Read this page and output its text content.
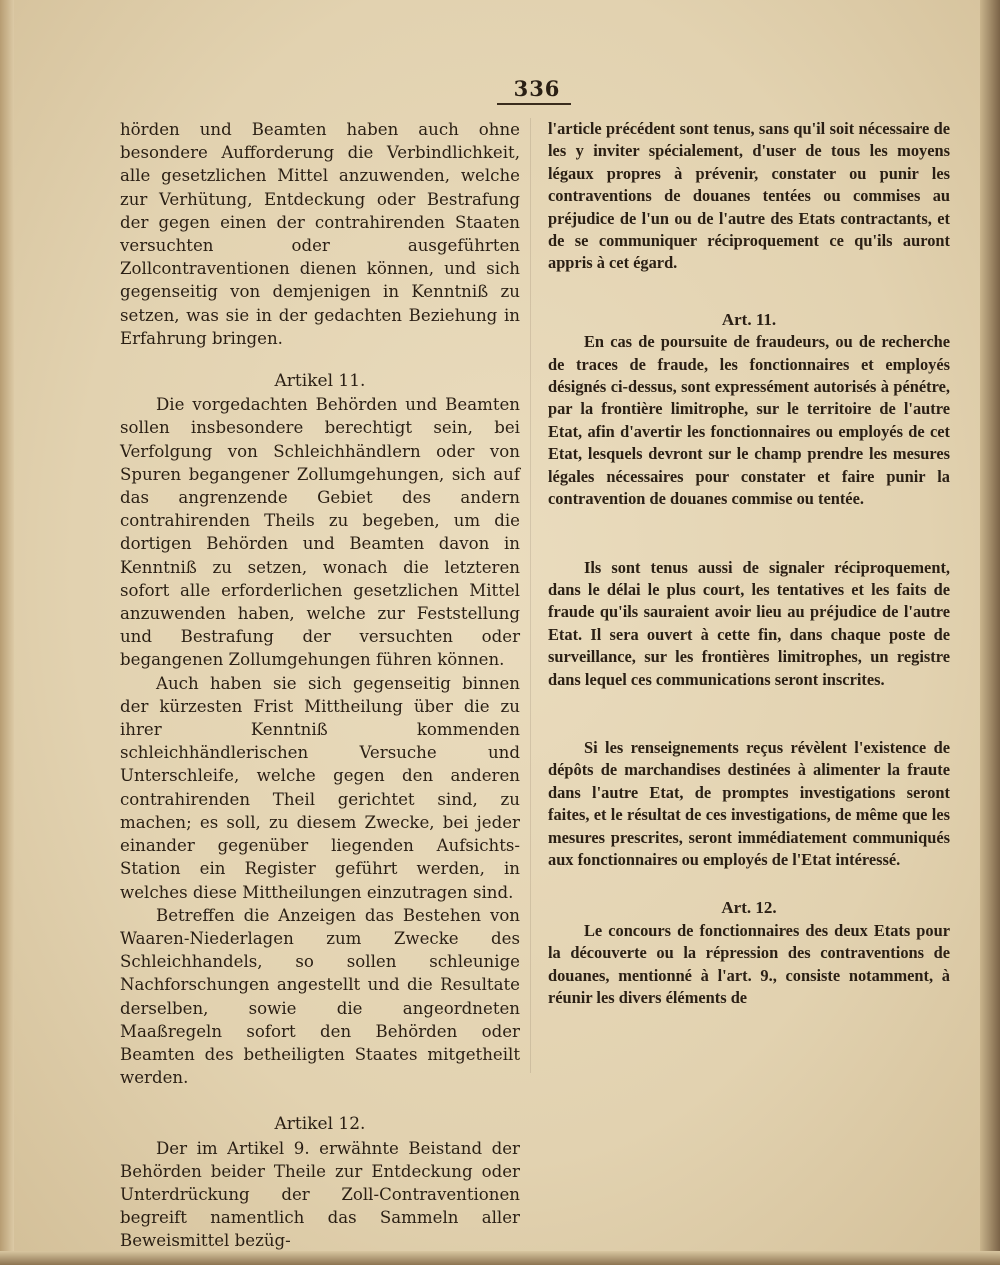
336

hörden und Beamten haben auch ohne besondere Aufforderung die Verbindlichkeit, alle gesetzlichen Mittel anzuwenden, welche zur Verhütung, Entdeckung oder Bestrafung der gegen einen der contrahirenden Staaten versuchten oder ausgeführten Zollcontraventionen dienen können, und sich gegenseitig von demjenigen in Kenntniß zu setzen, was sie in der gedachten Beziehung in Erfahrung bringen.

Artikel 11.

Die vorgedachten Behörden und Beamten sollen insbesondere berechtigt sein, bei Verfolgung von Schleichhändlern oder von Spuren begangener Zollumgehungen, sich auf das angrenzende Gebiet des andern contrahirenden Theils zu begeben, um die dortigen Behörden und Beamten davon in Kenntniß zu setzen, wonach die letzteren sofort alle erforderlichen gesetzlichen Mittel anzuwenden haben, welche zur Feststellung und Bestrafung der versuchten oder begangenen Zollumgehungen führen können.

Auch haben sie sich gegenseitig binnen der kürzesten Frist Mittheilung über die zu ihrer Kenntniß kommenden schleichhändlerischen Versuche und Unterschleife, welche gegen den anderen contrahirenden Theil gerichtet sind, zu machen; es soll, zu diesem Zwecke, bei jeder einander gegenüber liegenden Aufsichts-Station ein Register geführt werden, in welches diese Mittheilungen einzutragen sind.

Betreffen die Anzeigen das Bestehen von Waaren-Niederlagen zum Zwecke des Schleichhandels, so sollen schleunige Nachforschungen angestellt und die Resultate derselben, sowie die angeordneten Maaßregeln sofort den Behörden oder Beamten des betheiligten Staates mitgetheilt werden.

Artikel 12.

Der im Artikel 9. erwähnte Beistand der Behörden beider Theile zur Entdeckung oder Unterdrückung der Zoll-Contraventionen begreift namentlich das Sammeln aller Beweismittel bezüg-

l'article précédent sont tenus, sans qu'il soit nécessaire de les y inviter spécialement, d'user de tous les moyens légaux propres à prévenir, constater ou punir les contraventions de douanes tentées ou commises au préjudice de l'un ou de l'autre des Etats contractants, et de se communiquer réciproquement ce qu'ils auront appris à cet égard.

Art. 11.

En cas de poursuite de fraudeurs, ou de recherche de traces de fraude, les fonctionnaires et employés désignés ci-dessus, sont expressément autorisés à pénétre, par la frontière limitrophe, sur le territoire de l'autre Etat, afin d'avertir les fonctionnaires ou employés de cet Etat, lesquels devront sur le champ prendre les mesures légales nécessaires pour constater et faire punir la contravention de douanes commise ou tentée.

Ils sont tenus aussi de signaler réciproquement, dans le délai le plus court, les tentatives et les faits de fraude qu'ils sauraient avoir lieu au préjudice de l'autre Etat. Il sera ouvert à cette fin, dans chaque poste de surveillance, sur les frontières limitrophes, un registre dans lequel ces communications seront inscrites.

Si les renseignements reçus révèlent l'existence de dépôts de marchandises destinées à alimenter la fraute dans l'autre Etat, de promptes investigations seront faites, et le résultat de ces investigations, de même que les mesures prescrites, seront immédiatement communiqués aux fonctionnaires ou employés de l'Etat intéressé.

Art. 12.

Le concours de fonctionnaires des deux Etats pour la découverte ou la répression des contraventions de douanes, mentionné à l'art. 9., consiste notamment, à réunir les divers éléments de
